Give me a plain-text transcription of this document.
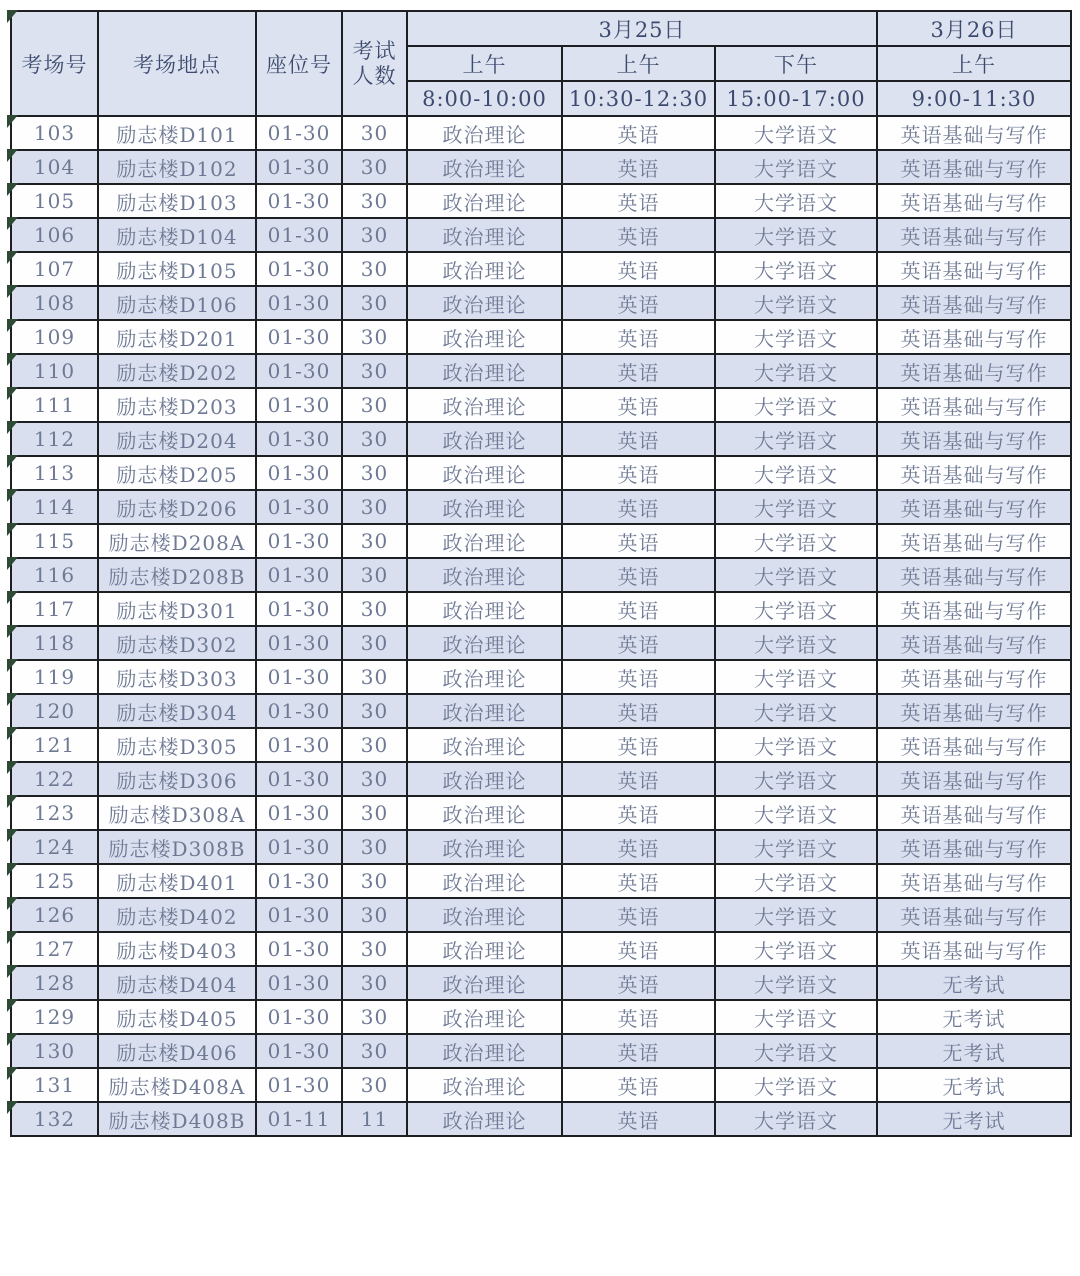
考场号	考场地点	座位号	考试人数	3月25日			3月26日
				上午	上午	下午	上午
				8:00-10:00	10:30-12:30	15:00-17:00	9:00-11:30

103	励志楼D101	01-30	30	政治理论	英语	大学语文	英语基础与写作

104	励志楼D102	01-30	30	政治理论	英语	大学语文	英语基础与写作

105	励志楼D103	01-30	30	政治理论	英语	大学语文	英语基础与写作

106	励志楼D104	01-30	30	政治理论	英语	大学语文	英语基础与写作

107	励志楼D105	01-30	30	政治理论	英语	大学语文	英语基础与写作

108	励志楼D106	01-30	30	政治理论	英语	大学语文	英语基础与写作

109	励志楼D201	01-30	30	政治理论	英语	大学语文	英语基础与写作

110	励志楼D202	01-30	30	政治理论	英语	大学语文	英语基础与写作

111	励志楼D203	01-30	30	政治理论	英语	大学语文	英语基础与写作

112	励志楼D204	01-30	30	政治理论	英语	大学语文	英语基础与写作

113	励志楼D205	01-30	30	政治理论	英语	大学语文	英语基础与写作

114	励志楼D206	01-30	30	政治理论	英语	大学语文	英语基础与写作

115	励志楼D208A	01-30	30	政治理论	英语	大学语文	英语基础与写作

116	励志楼D208B	01-30	30	政治理论	英语	大学语文	英语基础与写作

117	励志楼D301	01-30	30	政治理论	英语	大学语文	英语基础与写作

118	励志楼D302	01-30	30	政治理论	英语	大学语文	英语基础与写作

119	励志楼D303	01-30	30	政治理论	英语	大学语文	英语基础与写作

120	励志楼D304	01-30	30	政治理论	英语	大学语文	英语基础与写作

121	励志楼D305	01-30	30	政治理论	英语	大学语文	英语基础与写作

122	励志楼D306	01-30	30	政治理论	英语	大学语文	英语基础与写作

123	励志楼D308A	01-30	30	政治理论	英语	大学语文	英语基础与写作

124	励志楼D308B	01-30	30	政治理论	英语	大学语文	英语基础与写作

125	励志楼D401	01-30	30	政治理论	英语	大学语文	英语基础与写作

126	励志楼D402	01-30	30	政治理论	英语	大学语文	英语基础与写作

127	励志楼D403	01-30	30	政治理论	英语	大学语文	英语基础与写作

128	励志楼D404	01-30	30	政治理论	英语	大学语文	无考试

129	励志楼D405	01-30	30	政治理论	英语	大学语文	无考试

130	励志楼D406	01-30	30	政治理论	英语	大学语文	无考试

131	励志楼D408A	01-30	30	政治理论	英语	大学语文	无考试

132	励志楼D408B	01-11	11	政治理论	英语	大学语文	无考试
